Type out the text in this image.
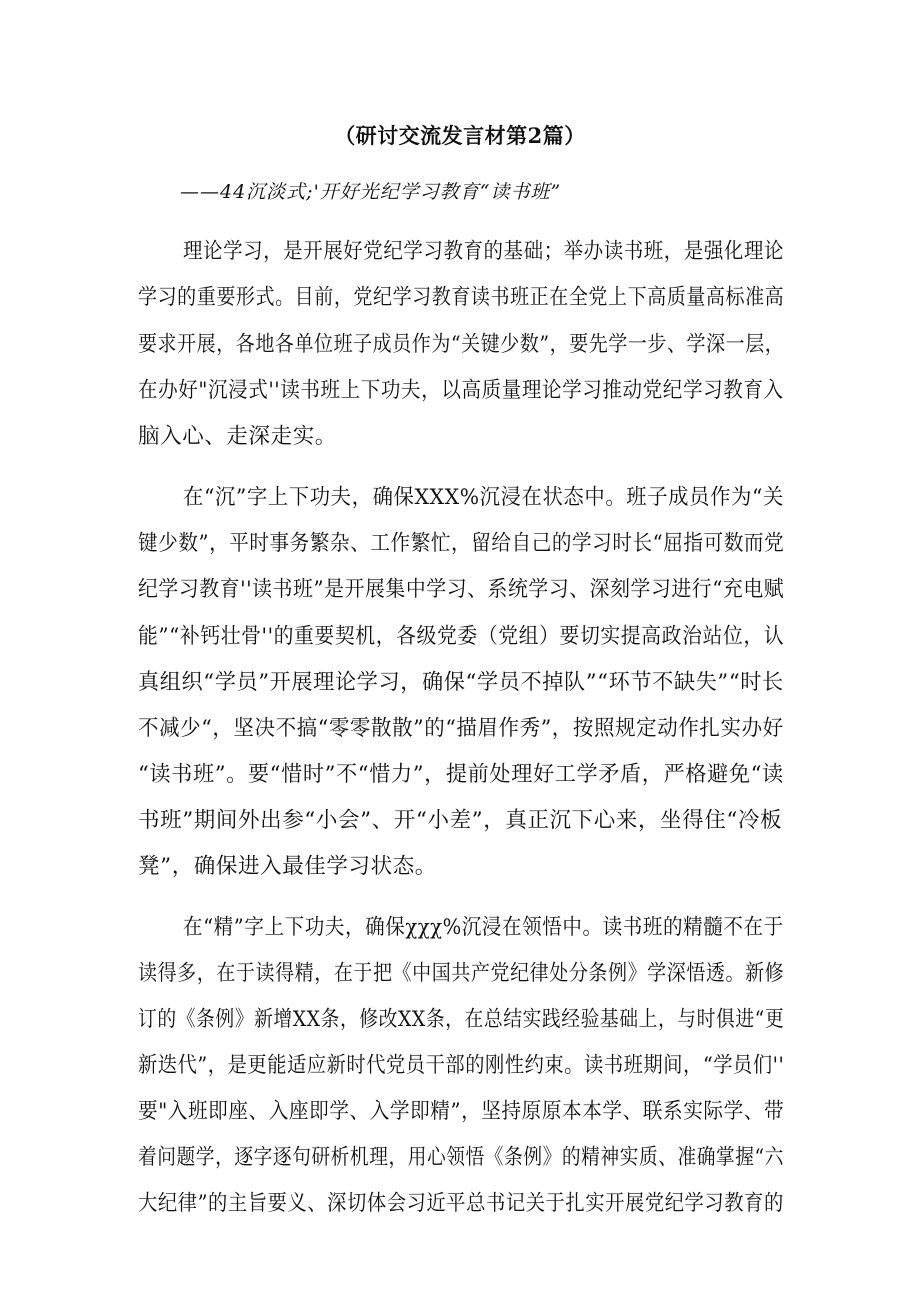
（研讨交流发言材第2篇）
——44沉淡式;'开好光纪学习教育“读书班”
理论学习，是开展好党纪学习教育的基础；举办读书班，是强化理论
学习的重要形式。目前，党纪学习教育读书班正在全党上下高质量高标准高
要求开展，各地各单位班子成员作为“关键少数”，要先学一步、学深一层，
在办好"沉浸式''读书班上下功夫，以高质量理论学习推动党纪学习教育入
脑入心、走深走实。
在“沉”字上下功夫，确保XXX%沉浸在状态中。班子成员作为“关
键少数”，平时事务繁杂、工作繁忙，留给自己的学习时长“屈指可数而党
纪学习教育''读书班”是开展集中学习、系统学习、深刻学习进行“充电赋
能”“补钙壮骨''的重要契机，各级党委（党组）要切实提高政治站位，认
真组织“学员”开展理论学习，确保“学员不掉队”“环节不缺失”“时长
不减少“，坚决不搞“零零散散”的“描眉作秀”，按照规定动作扎实办好
“读书班”。要“惜时”不“惜力”，提前处理好工学矛盾，严格避免“读
书班”期间外出参“小会”、开“小差”，真正沉下心来，坐得住“冷板
凳”，确保进入最佳学习状态。
在“精”字上下功夫，确保χχχ%沉浸在领悟中。读书班的精髓不在于
读得多，在于读得精，在于把《中国共产党纪律处分条例》学深悟透。新修
订的《条例》新增XX条，修改XX条，在总结实践经验基础上，与时俱进“更
新迭代”，是更能适应新时代党员干部的刚性约束。读书班期间，“学员们''
要"入班即座、入座即学、入学即精”，坚持原原本本学、联系实际学、带
着问题学，逐字逐句研析机理，用心领悟《条例》的精神实质、准确掌握“六
大纪律”的主旨要义、深切体会习近平总书记关于扎实开展党纪学习教育的
